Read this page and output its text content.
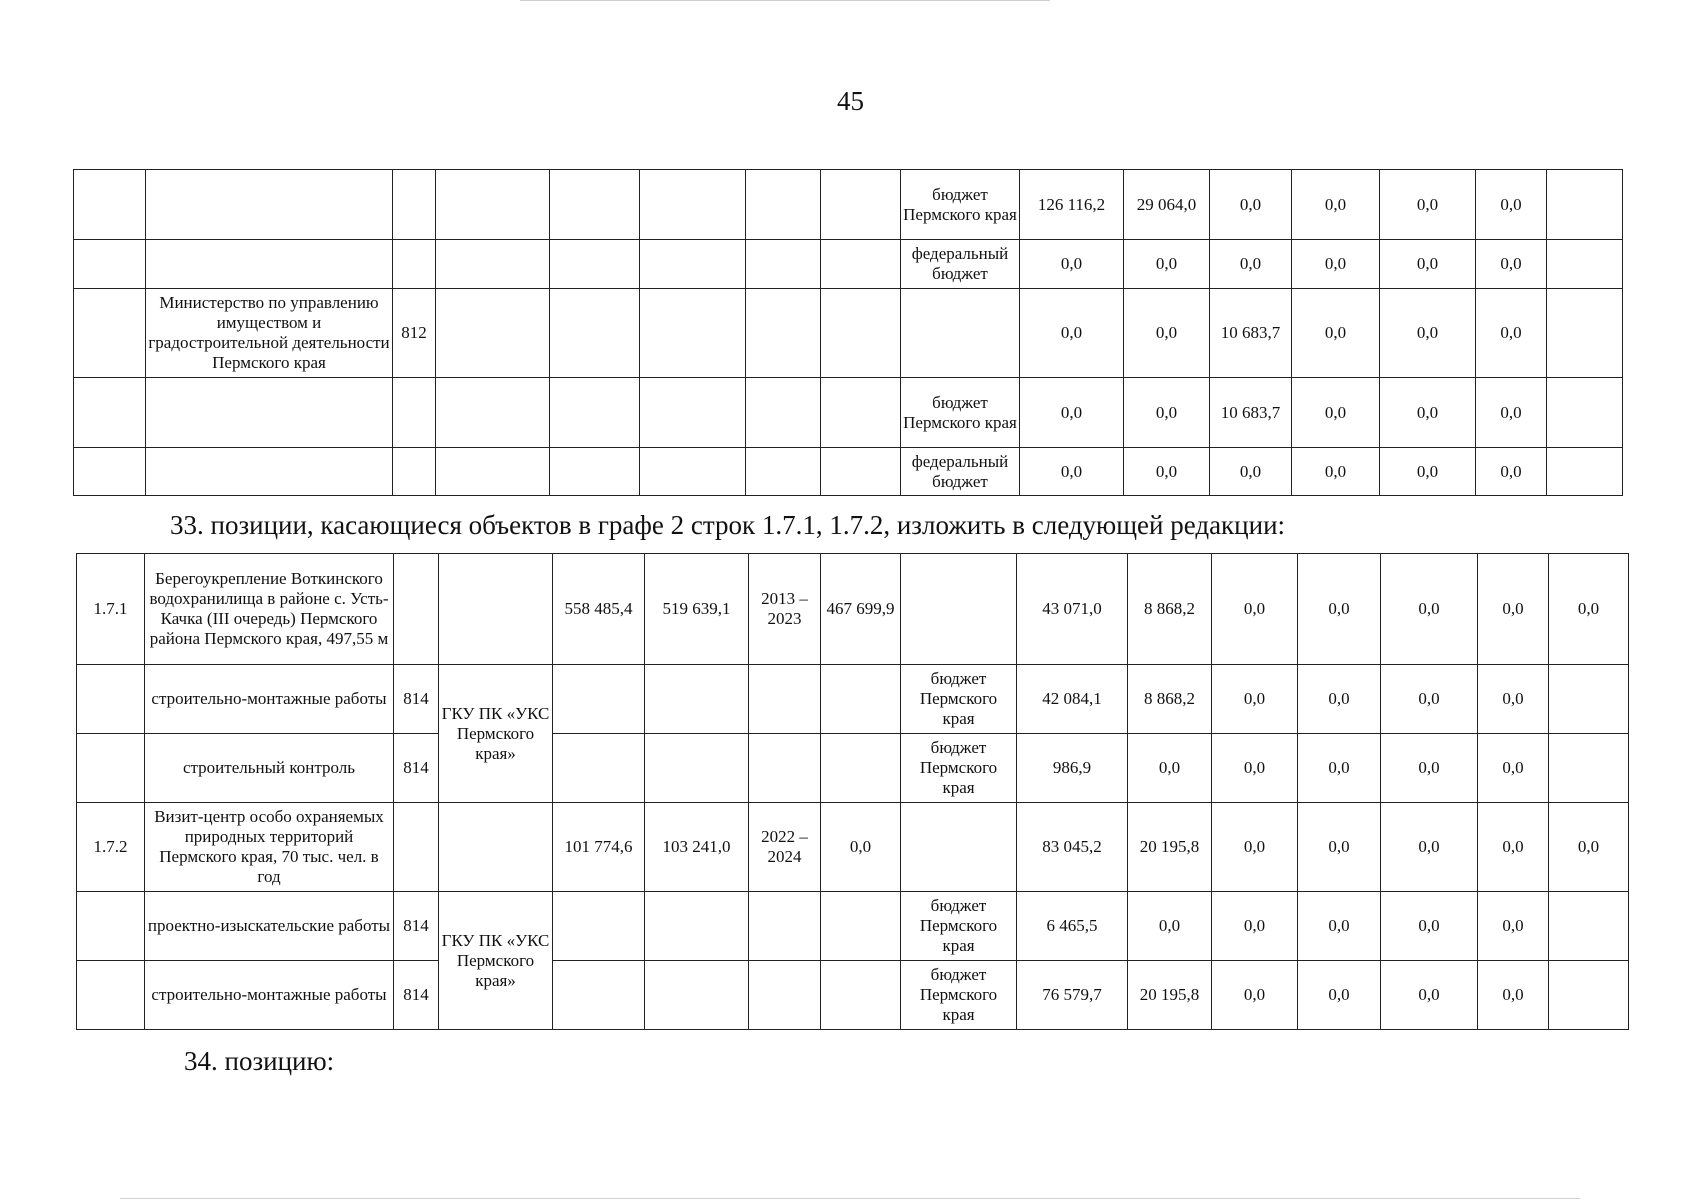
45
								бюджет Пермского края	126 116,2	29 064,0	0,0	0,0	0,0	0,0	
								федеральный бюджет	0,0	0,0	0,0	0,0	0,0	0,0	
	Министерство по управлению имуществом и градостроительной деятельности Пермского края	812							0,0	0,0	10 683,7	0,0	0,0	0,0	
								бюджет Пермского края	0,0	0,0	10 683,7	0,0	0,0	0,0	
								федеральный бюджет	0,0	0,0	0,0	0,0	0,0	0,0	
33. позиции, касающиеся объектов в графе 2 строк 1.7.1, 1.7.2, изложить в следующей редакции:
1.7.1	Берегоукрепление Воткинского водохранилища в районе с. Усть-Качка (III очередь) Пермского района Пермского края, 497,55 м			558 485,4	519 639,1	2013 – 2023	467 699,9		43 071,0	8 868,2	0,0	0,0	0,0	0,0	0,0
	строительно-монтажные работы	814	ГКУ ПК «УКС Пермского края»					бюджет Пермского края	42 084,1	8 868,2	0,0	0,0	0,0	0,0	
	строительный контроль	814						бюджет Пермского края	986,9	0,0	0,0	0,0	0,0	0,0	
1.7.2	Визит-центр особо охраняемых природных территорий Пермского края, 70 тыс. чел. в год			101 774,6	103 241,0	2022 – 2024	0,0		83 045,2	20 195,8	0,0	0,0	0,0	0,0	0,0
	проектно-изыскательские работы	814	ГКУ ПК «УКС Пермского края»					бюджет Пермского края	6 465,5	0,0	0,0	0,0	0,0	0,0	
	строительно-монтажные работы	814						бюджет Пермского края	76 579,7	20 195,8	0,0	0,0	0,0	0,0	
34. позицию:
